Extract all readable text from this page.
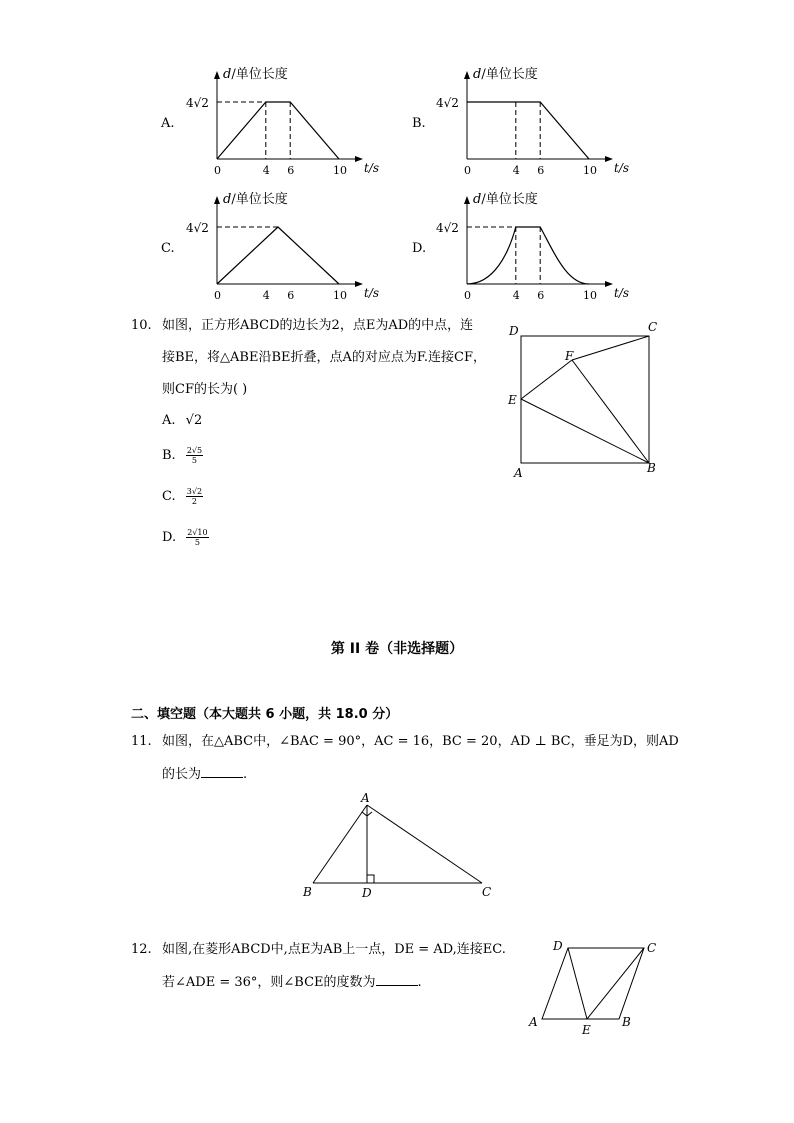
A.	B.
C.	D.
d/单位长度
t/s
4√2
0	4 6	10
d/单位长度
t/s
4√2
0	4 6	10
d/单位长度
t/s
4√2
0	4 6	10
d/单位长度
t/s
4√2
0	4 6	10
10. 如图，正方形ABCD的边长为2，点E为AD的中点，连
接BE，将△ABE沿BE折叠，点A的对应点为F.连接CF，
则CF的长为( )
A. √2
B. $\frac{2√5}{5}$
C. $\frac{3√2}{2}$
D. $\frac{2√10}{5}$
D	C
F
E
A	B
第 II 卷（非选择题）
二、填空题（本大题共 6 小题，共 18.0 分）
11. 如图，在△ABC中，∠BAC = 90°，AC = 16，BC = 20，AD ⊥ BC，垂足为D，则AD
的长为	.
A
B	D	C
12. 如图,在菱形ABCD中,点E为AB上一点，DE = AD,连接EC.
若∠ADE = 36°，则∠BCE的度数为	.
D	C
A
E
B
